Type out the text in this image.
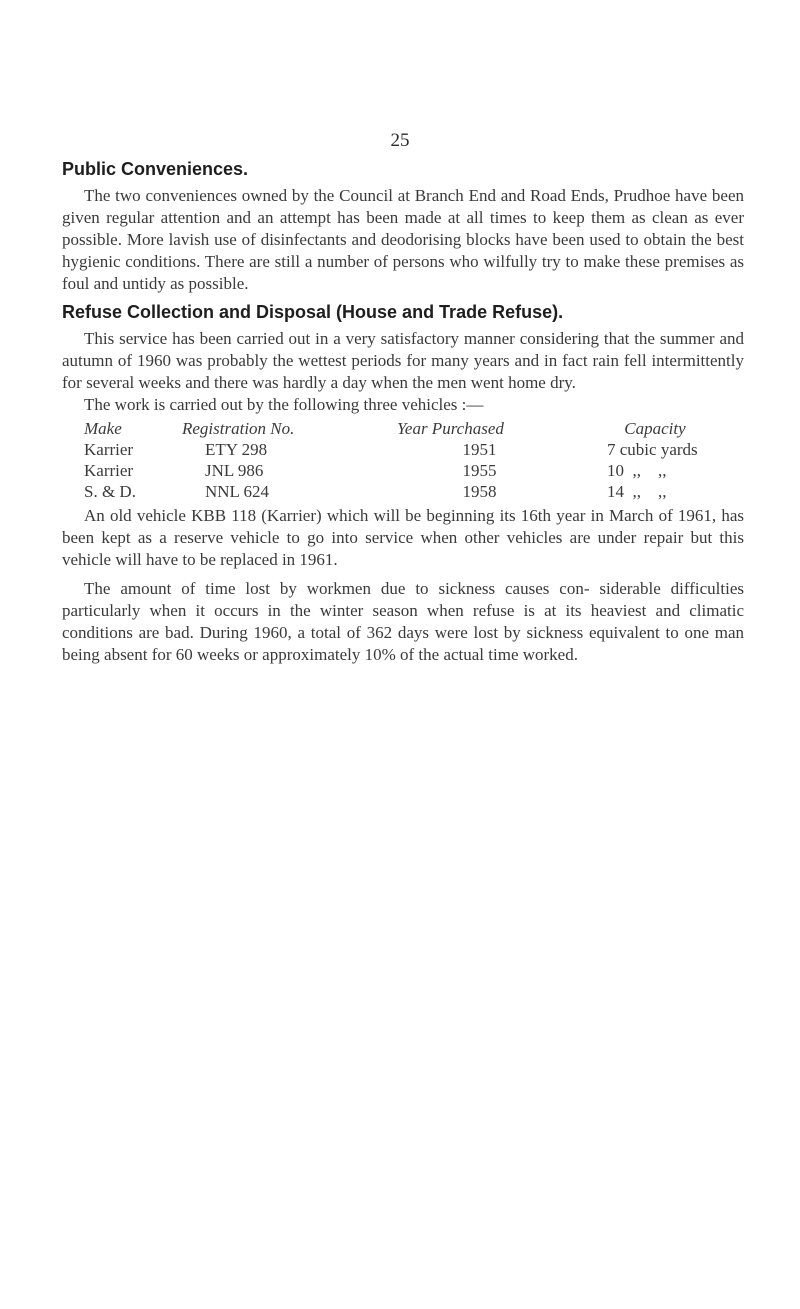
25
Public Conveniences.

The two conveniences owned by the Council at Branch End and Road Ends, Prudhoe have been given regular attention and an attempt has been made at all times to keep them as clean as ever possible. More lavish use of disinfectants and deodorising blocks have been used to obtain the best hygienic conditions. There are still a number of persons who wilfully try to make these premises as foul and untidy as possible.

Refuse Collection and Disposal (House and Trade Refuse).

This service has been carried out in a very satisfactory manner considering that the summer and autumn of 1960 was probably the wettest periods for many years and in fact rain fell intermittently for several weeks and there was hardly a day when the men went home dry.

The work is carried out by the following three vehicles :—

Make	Registration No.	Year Purchased	Capacity
Karrier	ETY 298	1951	7 cubic yards
Karrier	JNL 986	1955	10  ,,    ,,
S. & D.	NNL 624	1958	14  ,,    ,,

An old vehicle KBB 118 (Karrier) which will be beginning its 16th year in March of 1961, has been kept as a reserve vehicle to go into service when other vehicles are under repair but this vehicle will have to be replaced in 1961.

The amount of time lost by workmen due to sickness causes con- siderable difficulties particularly when it occurs in the winter season when refuse is at its heaviest and climatic conditions are bad. During 1960, a total of 362 days were lost by sickness equivalent to one man being absent for 60 weeks or approximately 10% of the actual time worked.
